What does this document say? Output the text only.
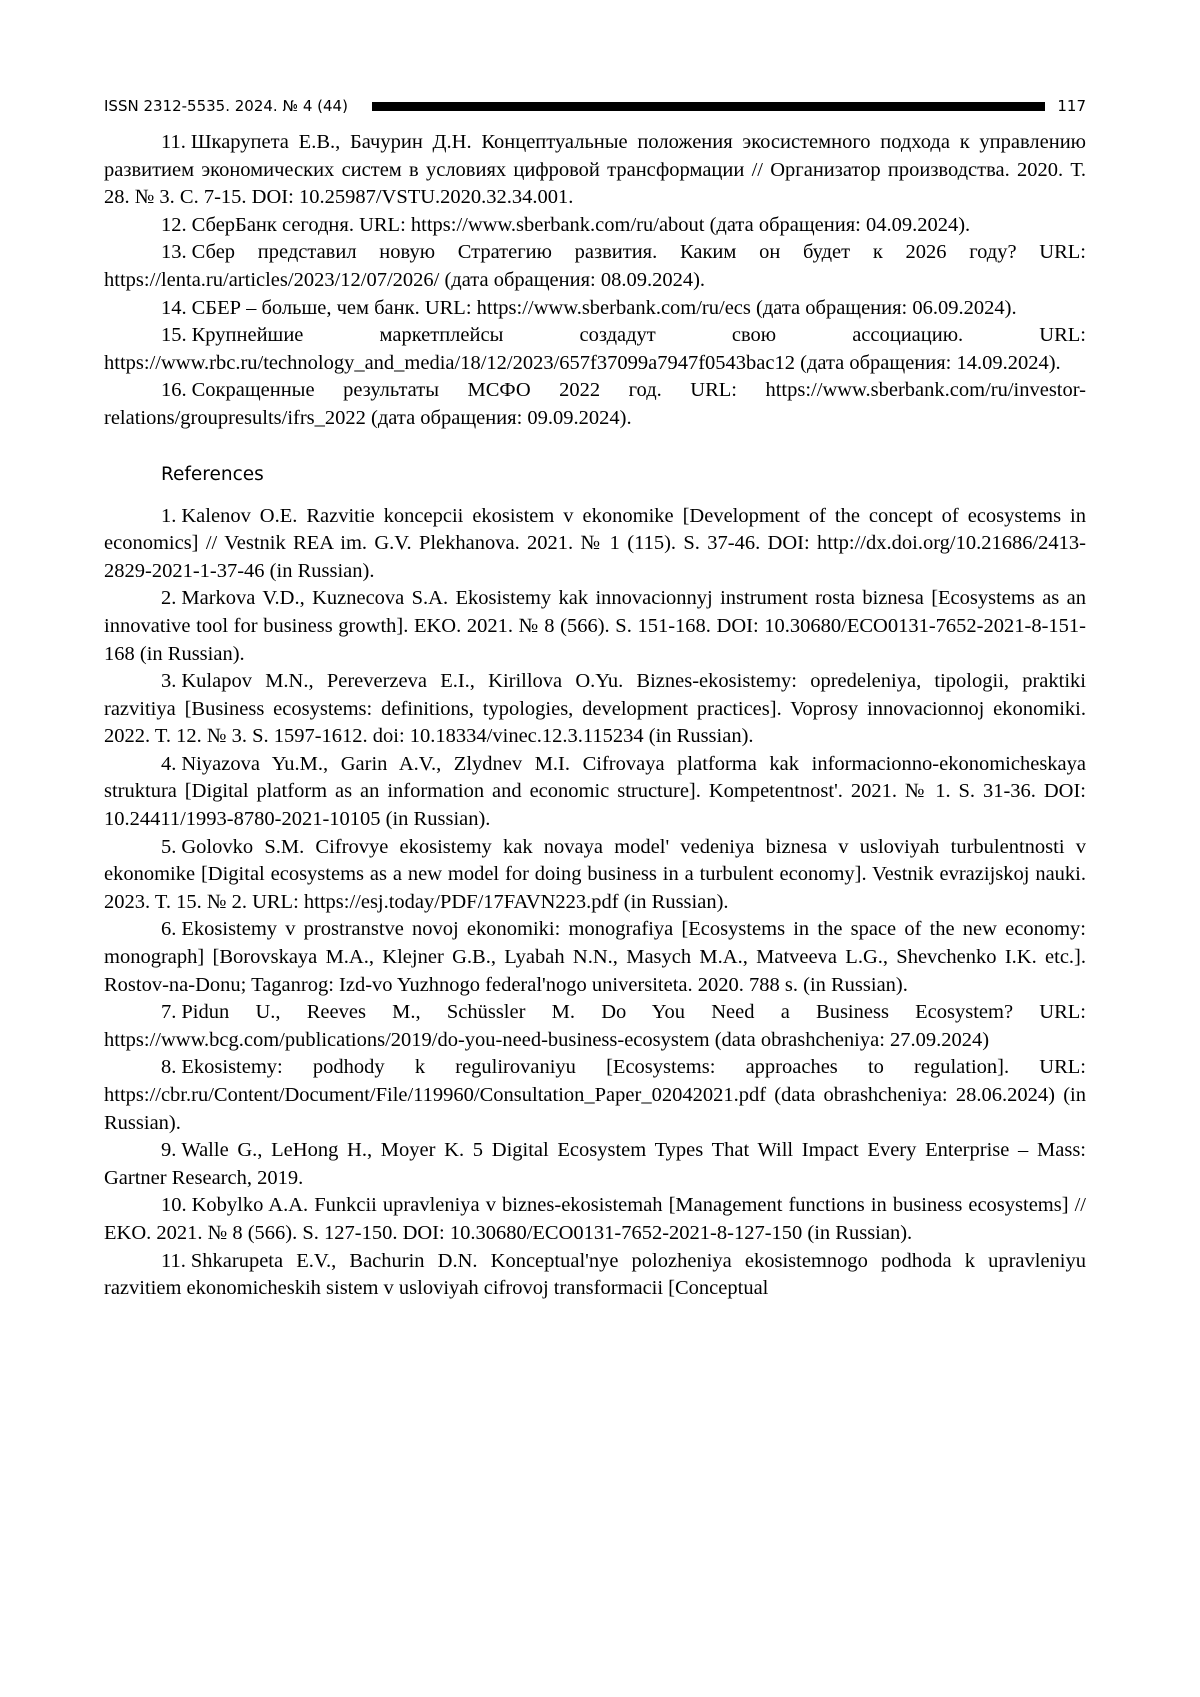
ISSN 2312-5535. 2024. № 4 (44)	117

11. Шкарупета Е.В., Бачурин Д.Н. Концептуальные положения экосистемного подхода к управлению развитием экономических систем в условиях цифровой трансформации // Организатор производства. 2020. Т. 28. № 3. С. 7-15. DOI: 10.25987/VSTU.2020.32.34.001.

12. СберБанк сегодня. URL: https://www.sberbank.com/ru/about (дата обращения: 04.09.2024).

13. Сбер представил новую Стратегию развития. Каким он будет к 2026 году? URL: https://lenta.ru/articles/2023/12/07/2026/ (дата обращения: 08.09.2024).

14. СБЕР – больше, чем банк. URL: https://www.sberbank.com/ru/ecs (дата обращения: 06.09.2024).

15. Крупнейшие маркетплейсы создадут свою ассоциацию. URL: https://www.rbc.ru/technology_and_media/18/12/2023/657f37099a7947f0543bac12 (дата обращения: 14.09.2024).

16. Сокращенные результаты МСФО 2022 год. URL: https://www.sberbank.com/ru/investor-relations/groupresults/ifrs_2022 (дата обращения: 09.09.2024).

References

1. Kalenov O.E. Razvitie koncepcii ekosistem v ekonomike [Development of the concept of ecosystems in economics] // Vestnik REA im. G.V. Plekhanova. 2021. № 1 (115). S. 37-46. DOI: http://dx.doi.org/10.21686/2413-2829-2021-1-37-46 (in Russian).

2. Markova V.D., Kuznecova S.A. Ekosistemy kak innovacionnyj instrument rosta biznesa [Ecosystems as an innovative tool for business growth]. EKO. 2021. № 8 (566). S. 151-168. DOI: 10.30680/ECO0131-7652-2021-8-151-168 (in Russian).

3. Kulapov M.N., Pereverzeva E.I., Kirillova O.Yu. Biznes-ekosistemy: opredeleniya, tipologii, praktiki razvitiya [Business ecosystems: definitions, typologies, development practices]. Voprosy innovacionnoj ekonomiki. 2022. T. 12. № 3. S. 1597-1612. doi: 10.18334/vinec.12.3.115234 (in Russian).

4. Niyazova Yu.M., Garin A.V., Zlydnev M.I. Cifrovaya platforma kak informacionno-ekonomicheskaya struktura [Digital platform as an information and economic structure]. Kompetentnost'. 2021. № 1. S. 31-36. DOI: 10.24411/1993-8780-2021-10105 (in Russian).

5. Golovko S.M. Cifrovye ekosistemy kak novaya model' vedeniya biznesa v usloviyah turbulentnosti v ekonomike [Digital ecosystems as a new model for doing business in a turbulent economy]. Vestnik evrazijskoj nauki. 2023. T. 15. № 2. URL: https://esj.today/PDF/17FAVN223.pdf (in Russian).

6. Ekosistemy v prostranstve novoj ekonomiki: monografiya [Ecosystems in the space of the new economy: monograph] [Borovskaya M.A., Klejner G.B., Lyabah N.N., Masych M.A., Matveeva L.G., Shevchenko I.K. etc.]. Rostov-na-Donu; Taganrog: Izd-vo Yuzhnogo federal'nogo universiteta. 2020. 788 s. (in Russian).

7. Pidun U., Reeves M., Schüssler M. Do You Need a Business Ecosystem? URL: https://www.bcg.com/publications/2019/do-you-need-business-ecosystem (data obrashcheniya: 27.09.2024)

8. Ekosistemy: podhody k regulirovaniyu [Ecosystems: approaches to regulation]. URL: https://cbr.ru/Content/Document/File/119960/Consultation_Paper_02042021.pdf (data obrashcheniya: 28.06.2024) (in Russian).

9. Walle G., LeHong H., Moyer K. 5 Digital Ecosystem Types That Will Impact Every Enterprise – Mass: Gartner Research, 2019.

10. Kobylko A.A. Funkcii upravleniya v biznes-ekosistemah [Management functions in business ecosystems] // EKO. 2021. № 8 (566). S. 127-150. DOI: 10.30680/ECO0131-7652-2021-8-127-150 (in Russian).

11. Shkarupeta E.V., Bachurin D.N. Konceptual'nye polozheniya ekosistemnogo podhoda k upravleniyu razvitiem ekonomicheskih sistem v usloviyah cifrovoj transformacii [Conceptual
